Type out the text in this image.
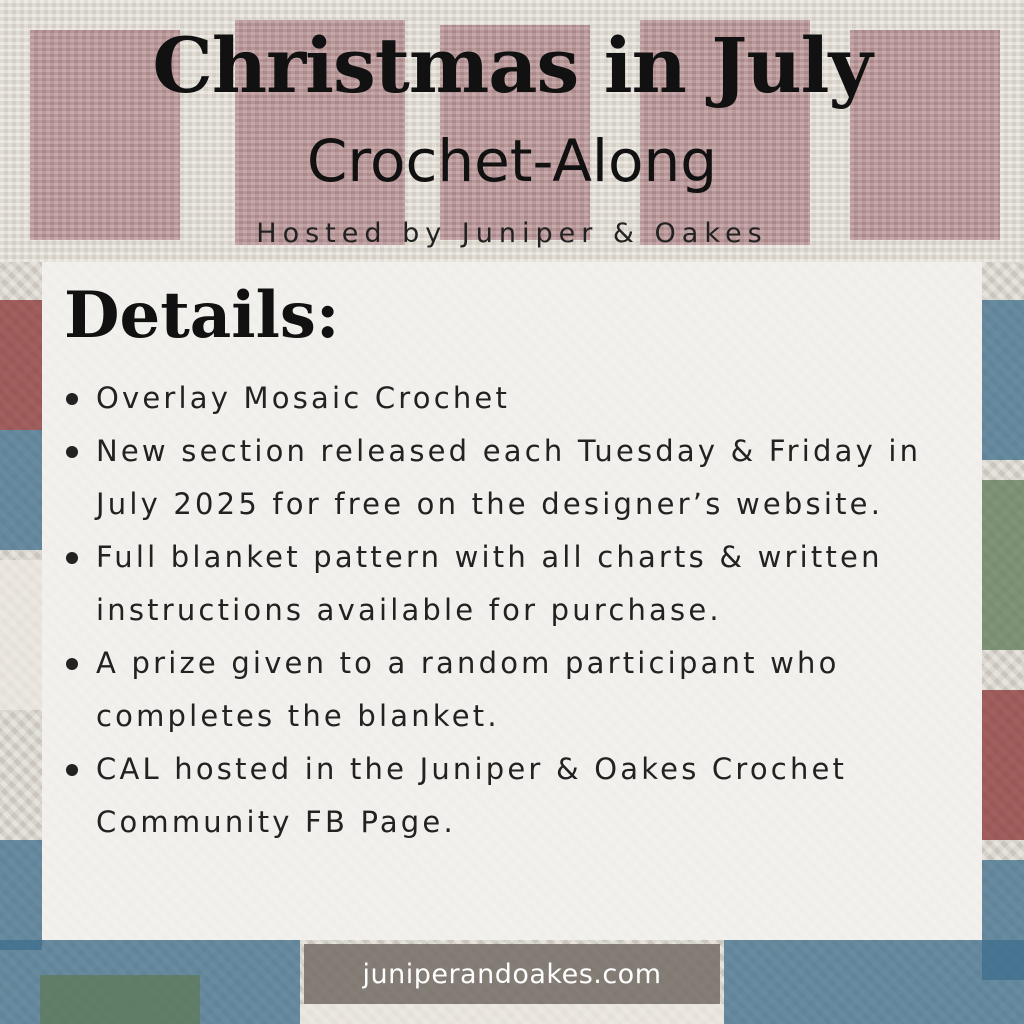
Christmas in July
Crochet-Along
Hosted by Juniper & Oakes
Details:
Overlay Mosaic Crochet
New section released each Tuesday & Friday in July 2025 for free on the designer’s website.
Full blanket pattern with all charts & written instructions available for purchase.
A prize given to a random participant who completes the blanket.
CAL hosted in the Juniper & Oakes Crochet Community FB Page.
juniperandoakes.com
